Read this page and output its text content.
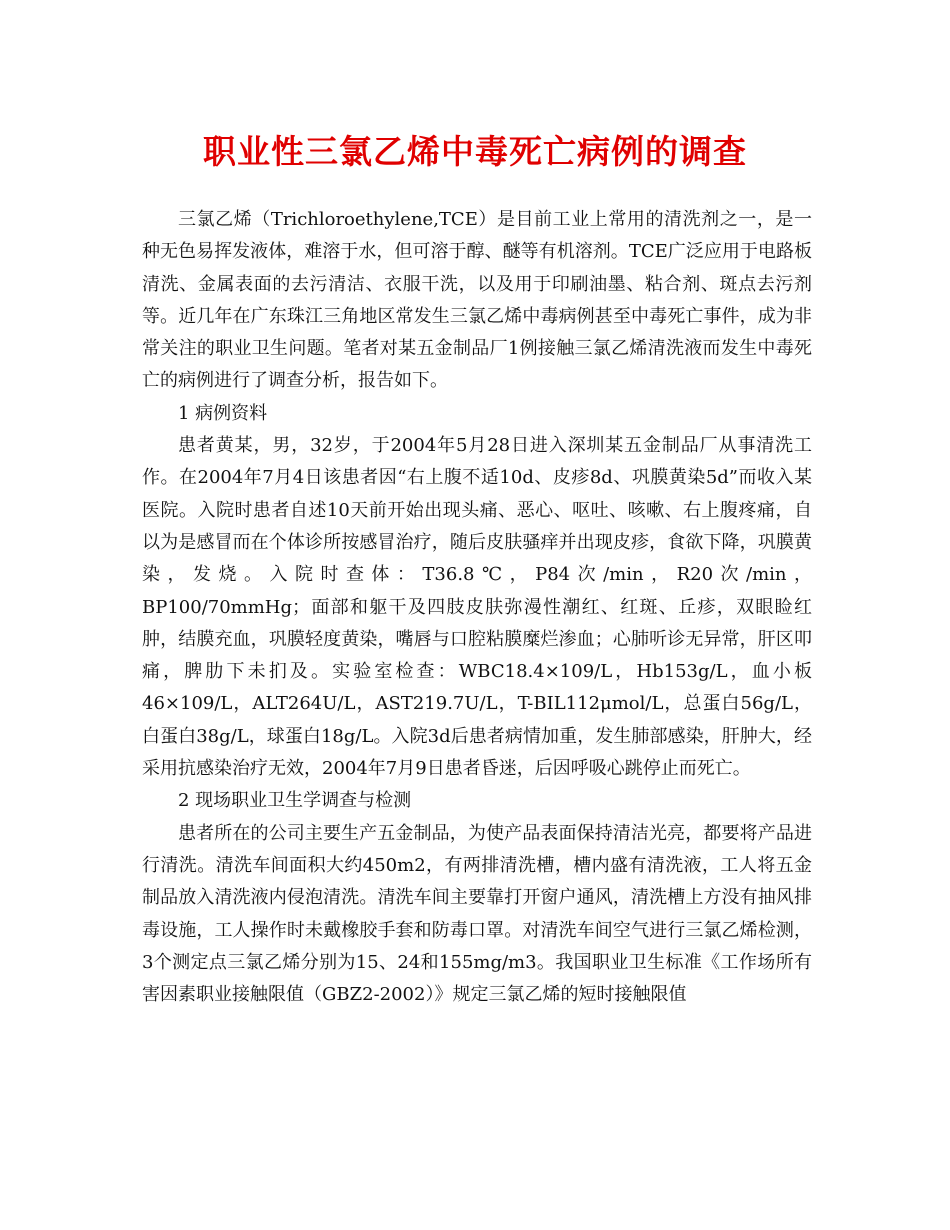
职业性三氯乙烯中毒死亡病例的调查

三氯乙烯（Trichloroethylene,TCE）是目前工业上常用的清洗剂之一，是一种无色易挥发液体，难溶于水，但可溶于醇、醚等有机溶剂。TCE广泛应用于电路板清洗、金属表面的去污清洁、衣服干洗，以及用于印刷油墨、粘合剂、斑点去污剂等。近几年在广东珠江三角地区常发生三氯乙烯中毒病例甚至中毒死亡事件，成为非常关注的职业卫生问题。笔者对某五金制品厂1例接触三氯乙烯清洗液而发生中毒死亡的病例进行了调查分析，报告如下。

1 病例资料

患者黄某，男，32岁，于2004年5月28日进入深圳某五金制品厂从事清洗工作。在2004年7月4日该患者因“右上腹不适10d、皮疹8d、巩膜黄染5d”而收入某医院。入院时患者自述10天前开始出现头痛、恶心、呕吐、咳嗽、右上腹疼痛，自以为是感冒而在个体诊所按感冒治疗，随后皮肤骚痒并出现皮疹，食欲下降，巩膜黄染，发烧。入院时查体：T36.8℃，P84次/min，R20次/min，BP100/70mmHg；面部和躯干及四肢皮肤弥漫性潮红、红斑、丘疹，双眼睑红肿，结膜充血，巩膜轻度黄染，嘴唇与口腔粘膜糜烂渗血；心肺听诊无异常，肝区叩痛，脾肋下未扪及。实验室检查：WBC18.4×109/L，Hb153g/L，血小板46×109/L，ALT264U/L，AST219.7U/L，T-BIL112μmol/L，总蛋白56g/L，白蛋白38g/L，球蛋白18g/L。入院3d后患者病情加重，发生肺部感染，肝肿大，经采用抗感染治疗无效，2004年7月9日患者昏迷，后因呼吸心跳停止而死亡。

2 现场职业卫生学调查与检测

患者所在的公司主要生产五金制品，为使产品表面保持清洁光亮，都要将产品进行清洗。清洗车间面积大约450m2，有两排清洗槽，槽内盛有清洗液，工人将五金制品放入清洗液内侵泡清洗。清洗车间主要靠打开窗户通风，清洗槽上方没有抽风排毒设施，工人操作时未戴橡胶手套和防毒口罩。对清洗车间空气进行三氯乙烯检测，3个测定点三氯乙烯分别为15、24和155mg/m3。我国职业卫生标准《工作场所有害因素职业接触限值（GBZ2-2002）》规定三氯乙烯的短时接触限值
